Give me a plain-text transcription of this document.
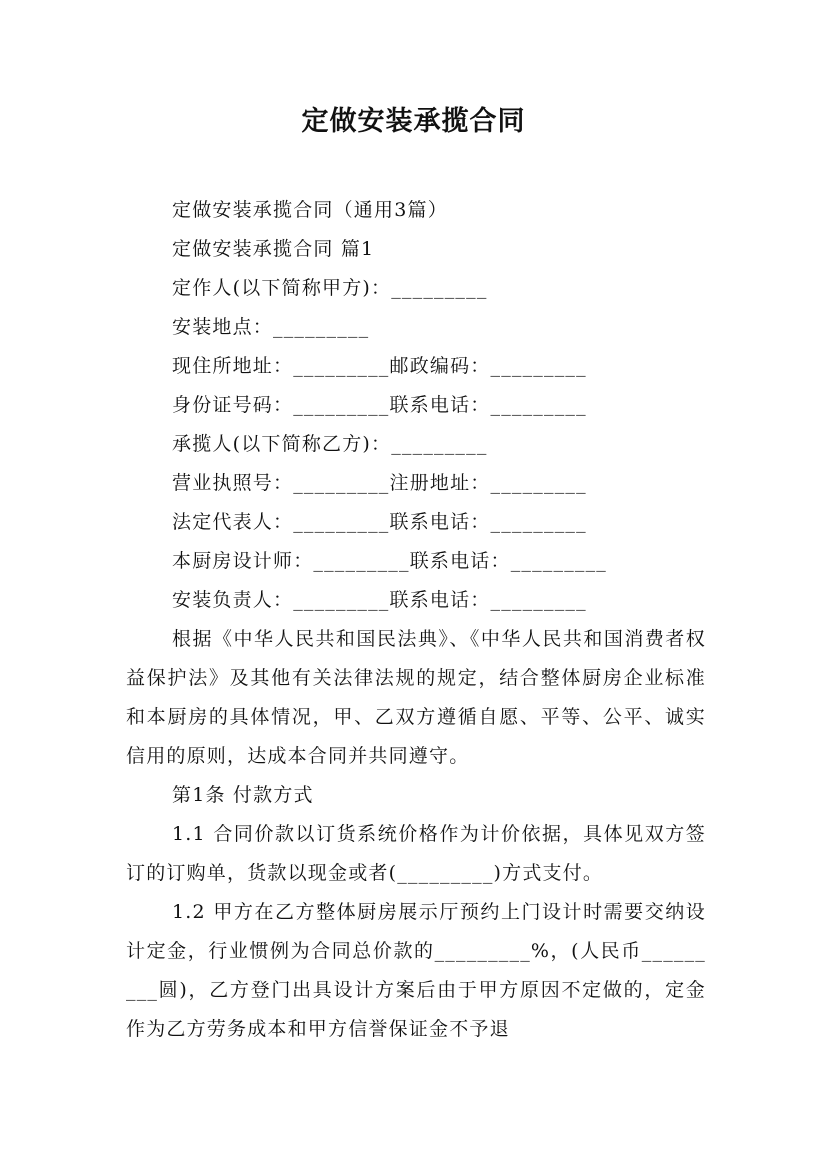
定做安装承揽合同
定做安装承揽合同（通用3篇）
定做安装承揽合同 篇1
定作人(以下简称甲方)：_________
安装地点：_________
现住所地址：_________邮政编码：_________
身份证号码：_________联系电话：_________
承揽人(以下简称乙方)：_________
营业执照号：_________注册地址：_________
法定代表人：_________联系电话：_________
本厨房设计师：_________联系电话：_________
安装负责人：_________联系电话：_________
根据《中华人民共和国民法典》、《中华人民共和国消费者权益保护法》及其他有关法律法规的规定，结合整体厨房企业标准和本厨房的具体情况，甲、乙双方遵循自愿、平等、公平、诚实信用的原则，达成本合同并共同遵守。
第1条 付款方式
1.1 合同价款以订货系统价格作为计价依据，具体见双方签订的订购单，货款以现金或者(_________)方式支付。
1.2 甲方在乙方整体厨房展示厅预约上门设计时需要交纳设计定金，行业惯例为合同总价款的_________%，(人民币_________圆)，乙方登门出具设计方案后由于甲方原因不定做的，定金作为乙方劳务成本和甲方信誉保证金不予退
